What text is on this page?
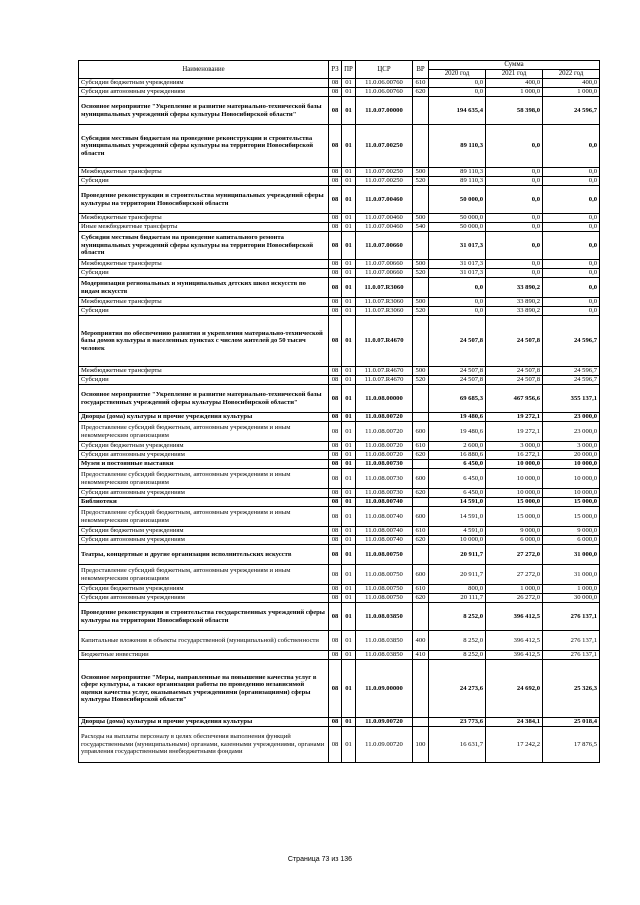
Наименование	РЗ	ПР	ЦСР	ВР	Сумма		
					2020 год	2021 год	2022 год
Субсидии бюджетным учреждениям	08	01	11.0.06.00760	610	0,0	400,0	400,0
Субсидии автономным учреждениям	08	01	11.0.06.00760	620	0,0	1 000,0	1 000,0
Основное мероприятие "Укрепление и развитие материально-технической базы муниципальных учреждений сферы культуры Новосибирской области"	08	01	11.0.07.00000		194 635,4	58 398,0	24 596,7
Субсидии местным бюджетам на проведение реконструкции и строительства муниципальных учреждений сферы культуры на территории Новосибирской области	08	01	11.0.07.00250		89 110,3	0,0	0,0
Межбюджетные трансферты	08	01	11.0.07.00250	500	89 110,3	0,0	0,0
Субсидии	08	01	11.0.07.00250	520	89 110,3	0,0	0,0
Проведение реконструкции и строительства муниципальных учреждений сферы культуры на территории Новосибирской области	08	01	11.0.07.00460		50 000,0	0,0	0,0
Межбюджетные трансферты	08	01	11.0.07.00460	500	50 000,0	0,0	0,0
Иные межбюджетные трансферты	08	01	11.0.07.00460	540	50 000,0	0,0	0,0
Субсидии местным бюджетам на проведение капитального ремонта муниципальных учреждений сферы культуры на территории Новосибирской области	08	01	11.0.07.00660		31 017,3	0,0	0,0
Межбюджетные трансферты	08	01	11.0.07.00660	500	31 017,3	0,0	0,0
Субсидии	08	01	11.0.07.00660	520	31 017,3	0,0	0,0
Модернизация региональных и муниципальных детских школ искусств по видам искусств	08	01	11.0.07.R3060		0,0	33 890,2	0,0
Межбюджетные трансферты	08	01	11.0.07.R3060	500	0,0	33 890,2	0,0
Субсидии	08	01	11.0.07.R3060	520	0,0	33 890,2	0,0
Мероприятия по обеспечению развития и укрепления материально-технической базы домов культуры в населенных пунктах с числом жителей до 50 тысяч человек	08	01	11.0.07.R4670		24 507,8	24 507,8	24 596,7
Межбюджетные трансферты	08	01	11.0.07.R4670	500	24 507,8	24 507,8	24 596,7
Субсидии	08	01	11.0.07.R4670	520	24 507,8	24 507,8	24 596,7
Основное мероприятие "Укрепление и развитие материально-технической базы государственных учреждений сферы культуры Новосибирской области"	08	01	11.0.08.00000		69 685,3	467 956,6	355 137,1
Дворцы (дома) культуры и прочие учреждения культуры	08	01	11.0.08.00720		19 480,6	19 272,1	23 000,0
Предоставление субсидий бюджетным, автономным учреждениям и иным некоммерческим организациям	08	01	11.0.08.00720	600	19 480,6	19 272,1	23 000,0
Субсидии бюджетным учреждениям	08	01	11.0.08.00720	610	2 600,0	3 000,0	3 000,0
Субсидии автономным учреждениям	08	01	11.0.08.00720	620	16 880,6	16 272,1	20 000,0
Музеи и постоянные выставки	08	01	11.0.08.00730		6 450,0	10 000,0	10 000,0
Предоставление субсидий бюджетным, автономным учреждениям и иным некоммерческим организациям	08	01	11.0.08.00730	600	6 450,0	10 000,0	10 000,0
Субсидии автономным учреждениям	08	01	11.0.08.00730	620	6 450,0	10 000,0	10 000,0
Библиотеки	08	01	11.0.08.00740		14 591,0	15 000,0	15 000,0
Предоставление субсидий бюджетным, автономным учреждениям и иным некоммерческим организациям	08	01	11.0.08.00740	600	14 591,0	15 000,0	15 000,0
Субсидии бюджетным учреждениям	08	01	11.0.08.00740	610	4 591,0	9 000,0	9 000,0
Субсидии автономным учреждениям	08	01	11.0.08.00740	620	10 000,0	6 000,0	6 000,0
Театры, концертные и другие организации исполнительских искусств	08	01	11.0.08.00750		20 911,7	27 272,0	31 000,0
Предоставление субсидий бюджетным, автономным учреждениям и иным некоммерческим организациям	08	01	11.0.08.00750	600	20 911,7	27 272,0	31 000,0
Субсидии бюджетным учреждениям	08	01	11.0.08.00750	610	800,0	1 000,0	1 000,0
Субсидии автономным учреждениям	08	01	11.0.08.00750	620	20 111,7	26 272,0	30 000,0
Проведение реконструкции и строительства государственных учреждений сферы культуры на территории Новосибирской области	08	01	11.0.08.03850		8 252,0	396 412,5	276 137,1
Капитальные вложения в объекты государственной (муниципальной) собственности	08	01	11.0.08.03850	400	8 252,0	396 412,5	276 137,1
Бюджетные инвестиции	08	01	11.0.08.03850	410	8 252,0	396 412,5	276 137,1
Основное мероприятие "Меры, направленные на повышение качества услуг в сфере культуры, а также организация работы по проведению независимой оценки качества услуг, оказываемых учреждениями (организациями) сферы культуры Новосибирской области"	08	01	11.0.09.00000		24 273,6	24 692,0	25 326,3
Дворцы (дома) культуры и прочие учреждения культуры	08	01	11.0.09.00720		23 773,6	24 384,1	25 018,4
Расходы на выплаты персоналу в целях обеспечения выполнения функций государственными (муниципальными) органами, казенными учреждениями, органами управления государственными внебюджетными фондами	08	01	11.0.09.00720	100	16 631,7	17 242,2	17 876,5
Страница 73 из 136
